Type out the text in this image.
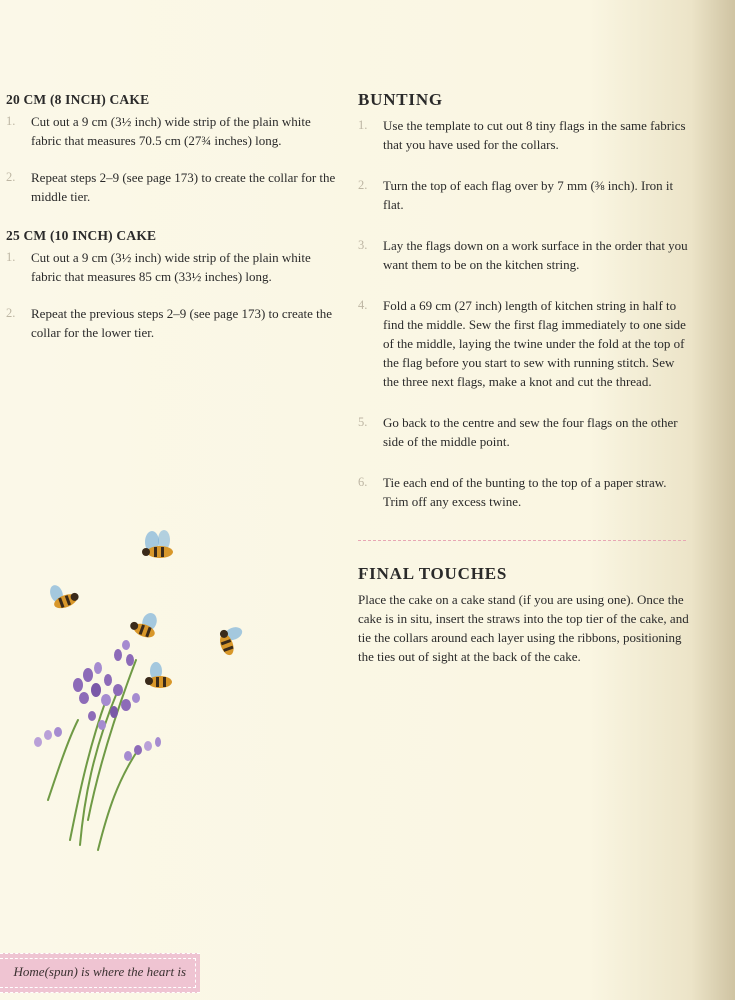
20 CM (8 INCH) CAKE
1. Cut out a 9 cm (3½ inch) wide strip of the plain white fabric that measures 70.5 cm (27¾ inches) long.
2. Repeat steps 2–9 (see page 173) to create the collar for the middle tier.
25 CM (10 INCH) CAKE
1. Cut out a 9 cm (3½ inch) wide strip of the plain white fabric that measures 85 cm (33½ inches) long.
2. Repeat the previous steps 2–9 (see page 173) to create the collar for the lower tier.
BUNTING
1. Use the template to cut out 8 tiny flags in the same fabrics that you have used for the collars.
2. Turn the top of each flag over by 7 mm (⅜ inch). Iron it flat.
3. Lay the flags down on a work surface in the order that you want them to be on the kitchen string.
4. Fold a 69 cm (27 inch) length of kitchen string in half to find the middle. Sew the first flag immediately to one side of the middle, laying the twine under the fold at the top of the flag before you start to sew with running stitch. Sew the three next flags, make a knot and cut the thread.
5. Go back to the centre and sew the four flags on the other side of the middle point.
6. Tie each end of the bunting to the top of a paper straw. Trim off any excess twine.
FINAL TOUCHES

Place the cake on a cake stand (if you are using one). Once the cake is in situ, insert the straws into the top tier of the cake, and tie the collars around each layer using the ribbons, positioning the ties out of sight at the back of the cake.

Home(spun) is where the heart is
